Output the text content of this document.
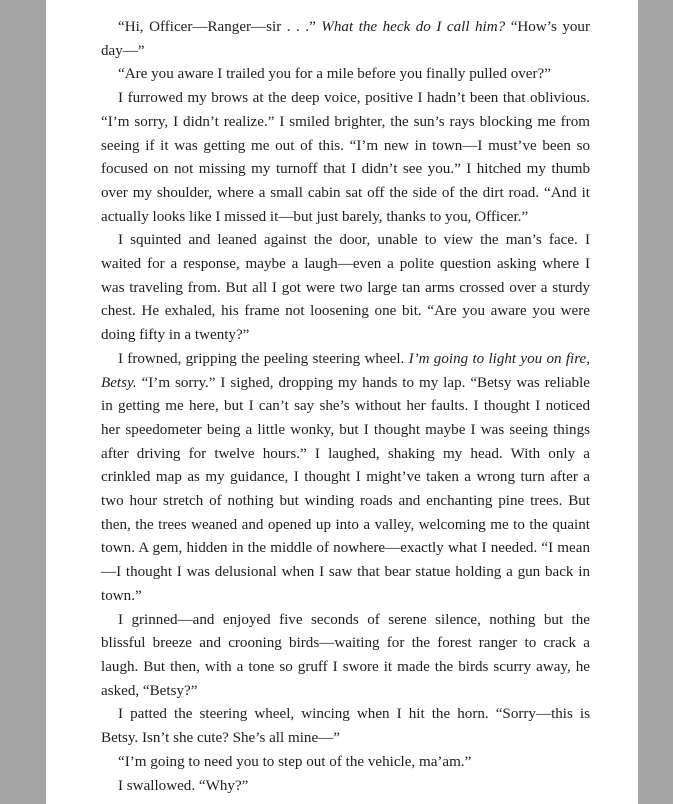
“Hi, Officer—Ranger—sir . . .” What the heck do I call him? “How’s your day—”

“Are you aware I trailed you for a mile before you finally pulled over?”

I furrowed my brows at the deep voice, positive I hadn’t been that oblivious. “I’m sorry, I didn’t realize.” I smiled brighter, the sun’s rays blocking me from seeing if it was getting me out of this. “I’m new in town—I must’ve been so focused on not missing my turnoff that I didn’t see you.” I hitched my thumb over my shoulder, where a small cabin sat off the side of the dirt road. “And it actually looks like I missed it—but just barely, thanks to you, Officer.”

I squinted and leaned against the door, unable to view the man’s face. I waited for a response, maybe a laugh—even a polite question asking where I was traveling from. But all I got were two large tan arms crossed over a sturdy chest. He exhaled, his frame not loosening one bit. “Are you aware you were doing fifty in a twenty?”

I frowned, gripping the peeling steering wheel. I’m going to light you on fire, Betsy. “I’m sorry.” I sighed, dropping my hands to my lap. “Betsy was reliable in getting me here, but I can’t say she’s without her faults. I thought I noticed her speedometer being a little wonky, but I thought maybe I was seeing things after driving for twelve hours.” I laughed, shaking my head. With only a crinkled map as my guidance, I thought I might’ve taken a wrong turn after a two hour stretch of nothing but winding roads and enchanting pine trees. But then, the trees weaned and opened up into a valley, welcoming me to the quaint town. A gem, hidden in the middle of nowhere—exactly what I needed. “I mean—I thought I was delusional when I saw that bear statue holding a gun back in town.”

I grinned—and enjoyed five seconds of serene silence, nothing but the blissful breeze and crooning birds—waiting for the forest ranger to crack a laugh. But then, with a tone so gruff I swore it made the birds scurry away, he asked, “Betsy?”

I patted the steering wheel, wincing when I hit the horn. “Sorry—this is Betsy. Isn’t she cute? She’s all mine—”

“I’m going to need you to step out of the vehicle, ma’am.”

I swallowed. “Why?”
